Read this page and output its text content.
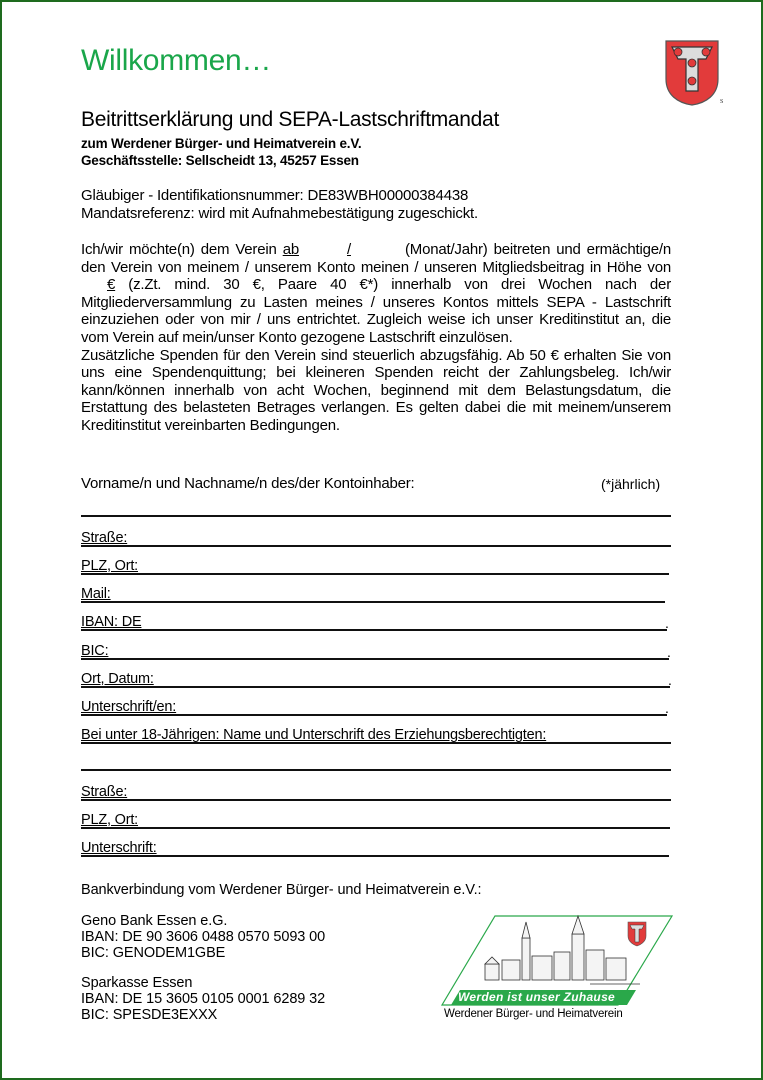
Willkommen…
S
Beitrittserklärung und SEPA-Lastschriftmandat
zum Werdener Bürger- und Heimatverein e.V.
Geschäftsstelle: Sellscheidt 13, 45257 Essen
Gläubiger - Identifikationsnummer: DE83WBH00000384438
Mandatsreferenz: wird mit Aufnahmebestätigung zugeschickt.

Ich/wir möchte(n) dem Verein ab	/	(Monat/Jahr) beitreten und ermächtige/n den Verein von meinem / unserem Konto meinen / unseren Mitgliedsbeitrag in Höhe von€ (z.Zt. mind. 30 €, Paare 40 €*) innerhalb von drei Wochen nach der Mitgliederversammlung zu Lasten meines / unseres Kontos mittels SEPA - Lastschrift einzuziehen oder von mir / uns entrichtet. Zugleich weise ich unser Kreditinstitut an, die vom Verein auf mein/unser Konto gezogene Lastschrift einzulösen.

Zusätzliche Spenden für den Verein sind steuerlich abzugsfähig. Ab 50 € erhalten Sie von uns eine Spendenquittung; bei kleineren Spenden reicht der Zahlungsbeleg. Ich/wir kann/können innerhalb von acht Wochen, beginnend mit dem Belastungsdatum, die Erstattung des belasteten Betrages verlangen. Es gelten dabei die mit meinem/unserem Kreditinstitut vereinbarten Bedingungen.

Vorname/n und Nachname/n des/der Kontoinhaber:	(*jährlich)
Straße:
PLZ, Ort:
Mail:
IBAN: DE	.
BIC:	.
Ort, Datum:	.
Unterschrift/en:	.
Bei unter 18-Jährigen: Name und Unterschrift des Erziehungsberechtigten:
Straße:
PLZ, Ort:
Unterschrift:
Bankverbindung vom Werdener Bürger- und Heimatverein e.V.:
Geno Bank Essen e.G.
IBAN: DE 90 3606 0488 0570 5093 00
BIC: GENODEM1GBE
Sparkasse Essen
IBAN: DE 15 3605 0105 0001 6289 32
BIC: SPESDE3EXXX
Werden ist unser Zuhause
Werdener Bürger- und Heimatverein
